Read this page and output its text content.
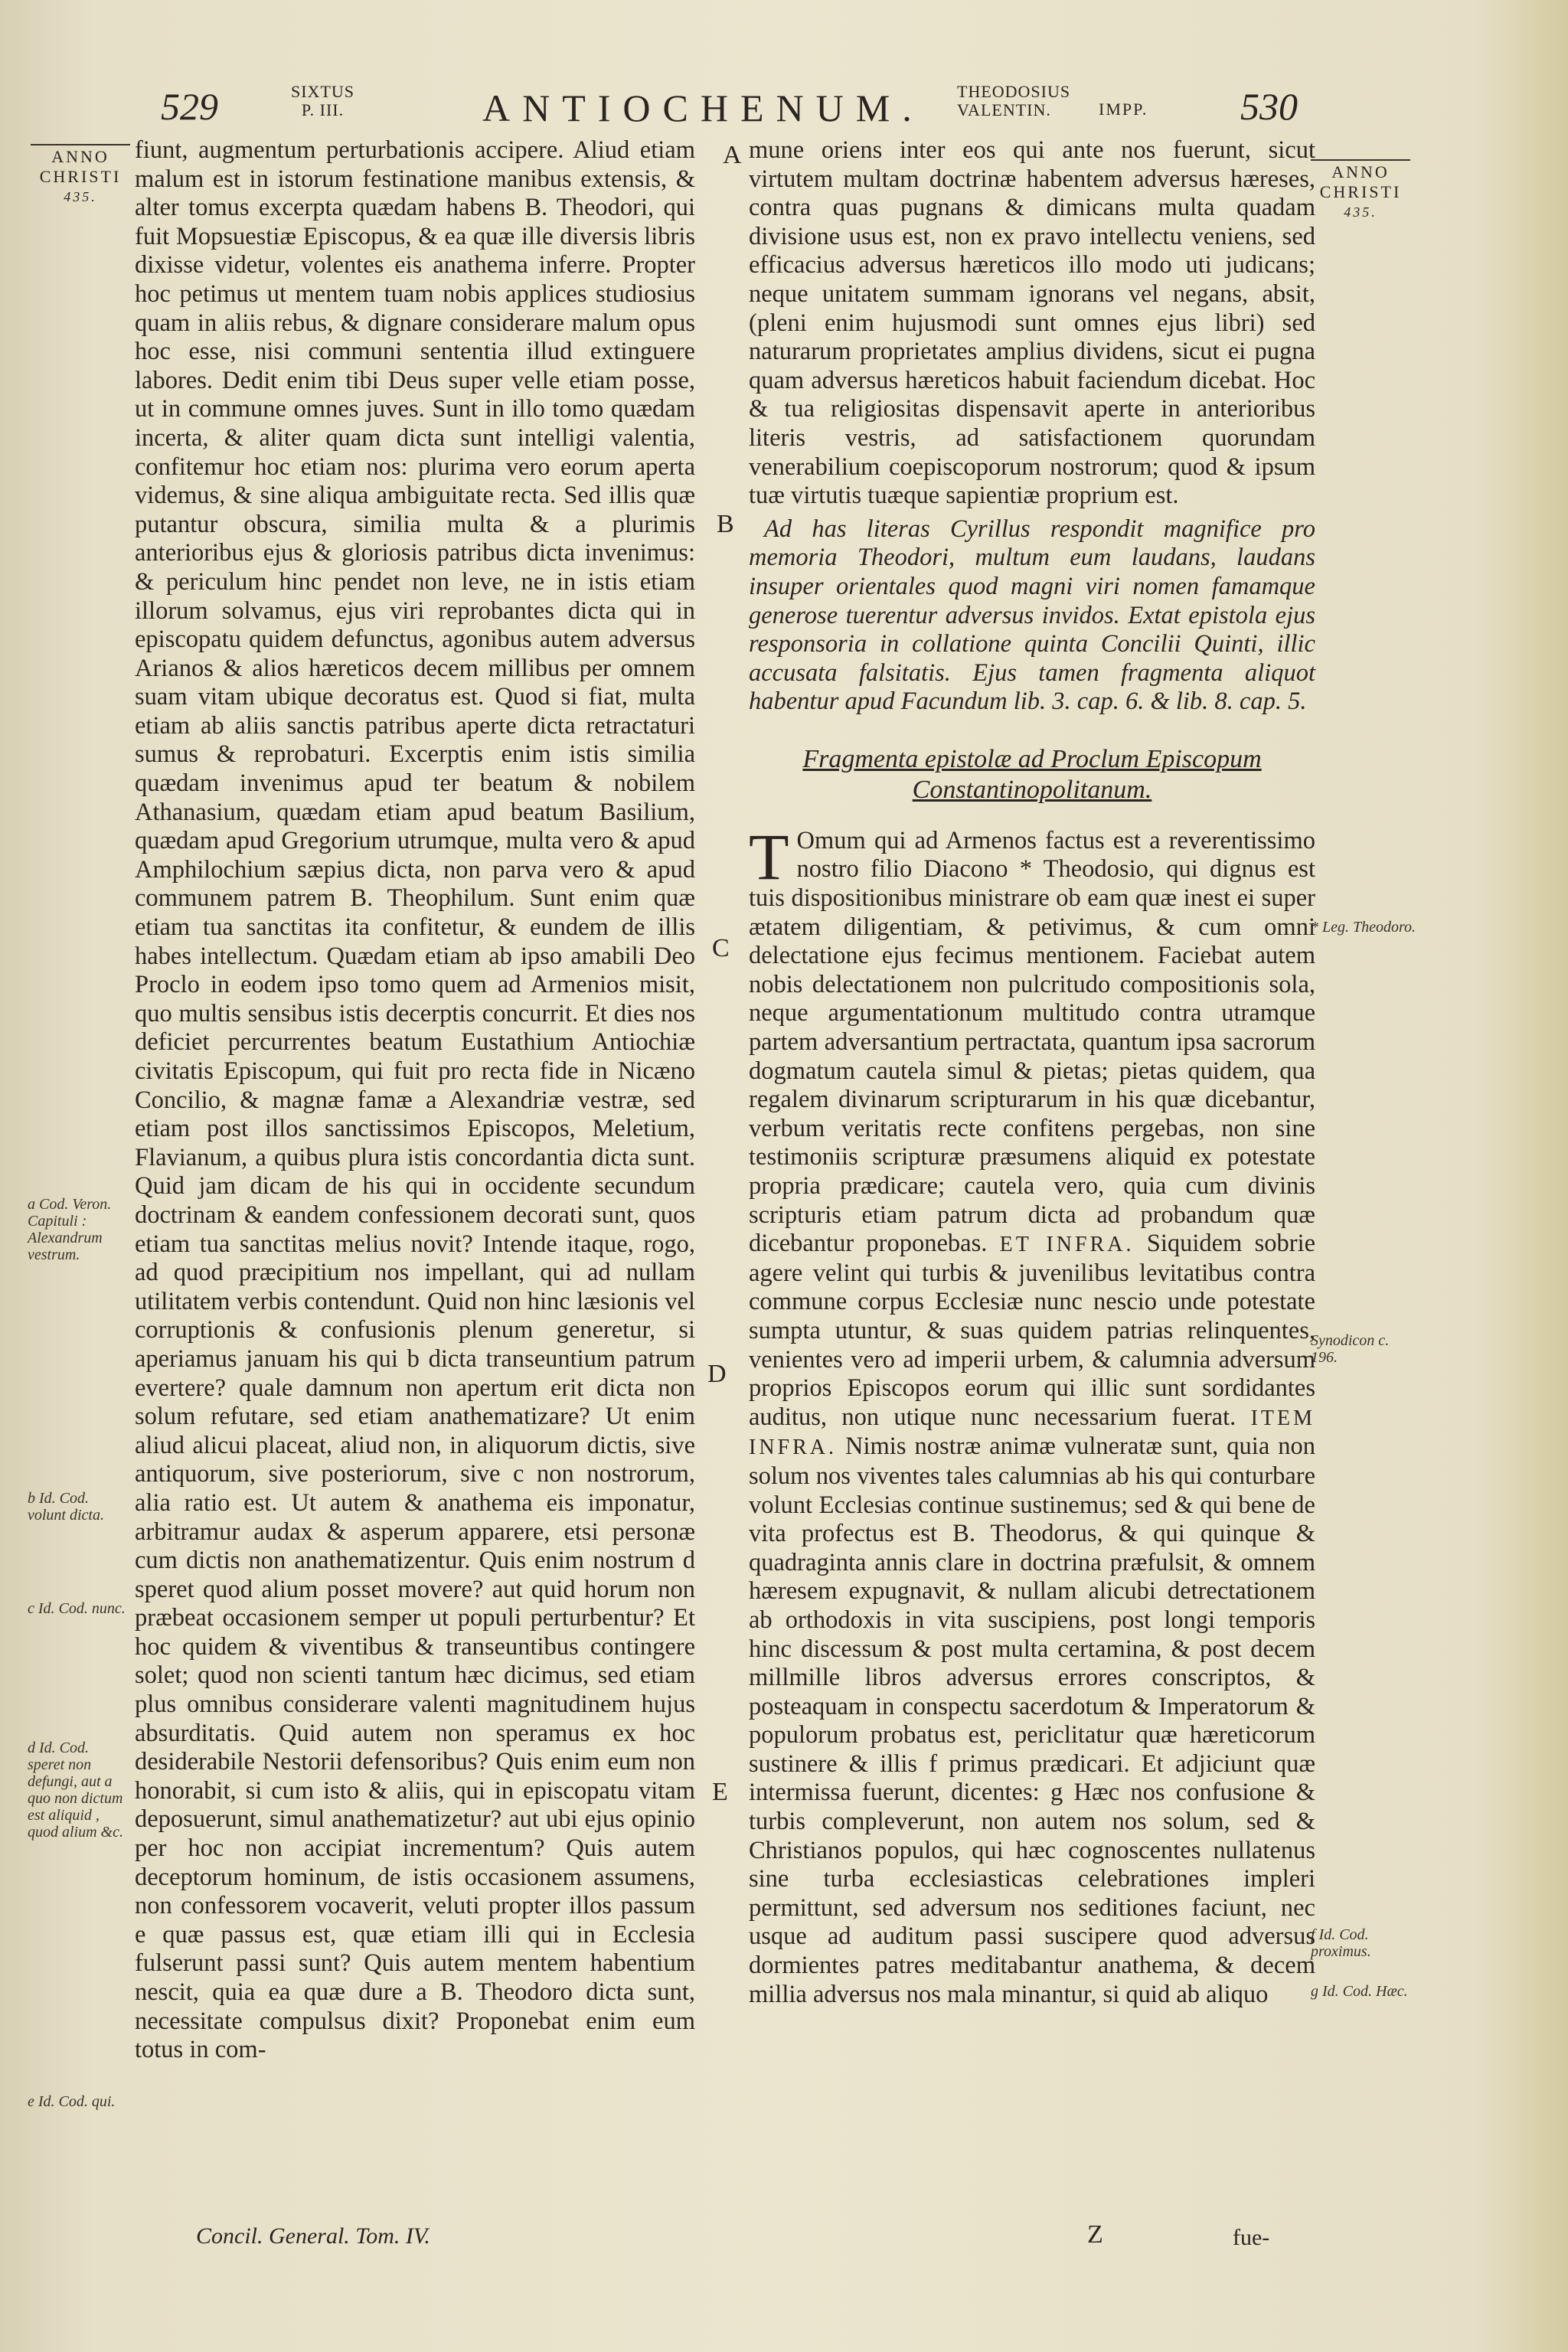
529	SIXTUS
P. III.	ANTIOCHENUM. THEODOSIUS
VALENTIN.	IMPP. 530
ANNO
CHRISTI
435.
ANNO
CHRISTI
435.
a Cod. Veron. Capituli : Alexandrum vestrum.
b Id. Cod. volunt dicta.
c Id. Cod. nunc.
d Id. Cod. speret non defungi, aut a quo non dictum est aliquid , quod alium &c.
e Id. Cod. qui.
* Leg. Theodoro.
Synodicon c. 196.
f Id. Cod. proximus.
g Id. Cod. Hæc.
A
B
C
D
E

fiunt, augmentum perturbationis accipere. Aliud etiam malum est in istorum festinatione manibus extensis, & alter tomus excerpta quædam habens B. Theodori, qui fuit Mopsuestiæ Episcopus, & ea quæ ille diversis libris dixisse videtur, volentes eis anathema inferre. Propter hoc petimus ut mentem tuam nobis applices studiosius quam in aliis rebus, & dignare considerare malum opus hoc esse, nisi communi sententia illud extinguere labores. Dedit enim tibi Deus super velle etiam posse, ut in commune omnes juves. Sunt in illo tomo quædam incerta, & aliter quam dicta sunt intelligi valentia, confitemur hoc etiam nos: plurima vero eorum aperta videmus, & sine aliqua ambiguitate recta. Sed illis quæ putantur obscura, similia multa & a plurimis anterioribus ejus & gloriosis patribus dicta invenimus: & periculum hinc pendet non leve, ne in istis etiam illorum solvamus, ejus viri reprobantes dicta qui in episcopatu quidem defunctus, agonibus autem adversus Arianos & alios hæreticos decem millibus per omnem suam vitam ubique decoratus est. Quod si fiat, multa etiam ab aliis sanctis patribus aperte dicta retractaturi sumus & reprobaturi. Excerptis enim istis similia quædam invenimus apud ter beatum & nobilem Athanasium, quædam etiam apud beatum Basilium, quædam apud Gregorium utrumque, multa vero & apud Amphilochium sæpius dicta, non parva vero & apud communem patrem B. Theophilum. Sunt enim quæ etiam tua sanctitas ita confitetur, & eundem de illis habes intellectum. Quædam etiam ab ipso amabili Deo Proclo in eodem ipso tomo quem ad Armenios misit, quo multis sensibus istis decerptis concurrit. Et dies nos deficiet percurrentes beatum Eustathium Antiochiæ civitatis Episcopum, qui fuit pro recta fide in Nicæno Concilio, & magnæ famæ a Alexandriæ vestræ, sed etiam post illos sanctissimos Episcopos, Meletium, Flavianum, a quibus plura istis concordantia dicta sunt. Quid jam dicam de his qui in occidente secundum doctrinam & eandem confessionem decorati sunt, quos etiam tua sanctitas melius novit? Intende itaque, rogo, ad quod præcipitium nos impellant, qui ad nullam utilitatem verbis contendunt. Quid non hinc læsionis vel corruptionis & confusionis plenum generetur, si aperiamus januam his qui b dicta transeuntium patrum evertere? quale damnum non apertum erit dicta non solum refutare, sed etiam anathematizare? Ut enim aliud alicui placeat, aliud non, in aliquorum dictis, sive antiquorum, sive posteriorum, sive c non nostrorum, alia ratio est. Ut autem & anathema eis imponatur, arbitramur audax & asperum apparere, etsi personæ cum dictis non anathematizentur. Quis enim nostrum d speret quod alium posset movere? aut quid horum non præbeat occasionem semper ut populi perturbentur? Et hoc quidem & viventibus & transeuntibus contingere solet; quod non scienti tantum hæc dicimus, sed etiam plus omnibus considerare valenti magnitudinem hujus absurditatis. Quid autem non speramus ex hoc desiderabile Nestorii defensoribus? Quis enim eum non honorabit, si cum isto & aliis, qui in episcopatu vitam deposuerunt, simul anathematizetur? aut ubi ejus opinio per hoc non accipiat incrementum? Quis autem deceptorum hominum, de istis occasionem assumens, non confessorem vocaverit, veluti propter illos passum e quæ passus est, quæ etiam illi qui in Ecclesia fulserunt passi sunt? Quis autem mentem habentium nescit, quia ea quæ dure a B. Theodoro dicta sunt, necessitate compulsus dixit? Proponebat enim eum totus in com-

mune oriens inter eos qui ante nos fuerunt, sicut virtutem multam doctrinæ habentem adversus hæreses, contra quas pugnans & dimicans multa quadam divisione usus est, non ex pravo intellectu veniens, sed efficacius adversus hæreticos illo modo uti judicans; neque unitatem summam ignorans vel negans, absit, (pleni enim hujusmodi sunt omnes ejus libri) sed naturarum proprietates amplius dividens, sicut ei pugna quam adversus hæreticos habuit faciendum dicebat. Hoc & tua religiositas dispensavit aperte in anterioribus literis vestris, ad satisfactionem quorundam venerabilium coepiscoporum nostrorum; quod & ipsum tuæ virtutis tuæque sapientiæ proprium est.

Ad has literas Cyrillus respondit magnifice pro memoria Theodori, multum eum laudans, laudans insuper orientales quod magni viri nomen famamque generose tuerentur adversus invidos. Extat epistola ejus responsoria in collatione quinta Concilii Quinti, illic accusata falsitatis. Ejus tamen fragmenta aliquot habentur apud Facundum lib. 3. cap. 6. & lib. 8. cap. 5.

Fragmenta epistolæ ad Proclum Episcopum
Constantinopolitanum.

T Omum qui ad Armenos factus est a reverentissimo nostro filio Diacono * Theodosio, qui dignus est tuis dispositionibus ministrare ob eam quæ inest ei super ætatem diligentiam, & petivimus, & cum omni delectatione ejus fecimus mentionem. Faciebat autem nobis delectationem non pulcritudo compositionis sola, neque argumentationum multitudo contra utramque partem adversantium pertractata, quantum ipsa sacrorum dogmatum cautela simul & pietas; pietas quidem, qua regalem divinarum scripturarum in his quæ dicebantur, verbum veritatis recte confitens pergebas, non sine testimoniis scripturæ præsumens aliquid ex potestate propria prædicare; cautela vero, quia cum divinis scripturis etiam patrum dicta ad probandum quæ dicebantur proponebas. ET INFRA. Siquidem sobrie agere velint qui turbis & juvenilibus levitatibus contra commune corpus Ecclesiæ nunc nescio unde potestate sumpta utuntur, & suas quidem patrias relinquentes, venientes vero ad imperii urbem, & calumnia adversum proprios Episcopos eorum qui illic sunt sordidantes auditus, non utique nunc necessarium fuerat. ITEM INFRA. Nimis nostræ animæ vulneratæ sunt, quia non solum nos viventes tales calumnias ab his qui conturbare volunt Ecclesias continue sustinemus; sed & qui bene de vita profectus est B. Theodorus, & qui quinque & quadraginta annis clare in doctrina præfulsit, & omnem hæresem expugnavit, & nullam alicubi detrectationem ab orthodoxis in vita suscipiens, post longi temporis hinc discessum & post multa certamina, & post decem millmille libros adversus errores conscriptos, & posteaquam in conspectu sacerdotum & Imperatorum & populorum probatus est, periclitatur quæ hæreticorum sustinere & illis f primus prædicari. Et adjiciunt quæ intermissa fuerunt, dicentes: g Hæc nos confusione & turbis compleverunt, non autem nos solum, sed & Christianos populos, qui hæc cognoscentes nullatenus sine turba ecclesiasticas celebrationes impleri permittunt, sed adversum nos seditiones faciunt, nec usque ad auditum passi suscipere quod adversus dormientes patres meditabantur anathema, & decem millia adversus nos mala minantur, si quid ab aliquo

Concil. General. Tom. IV.	Z	fue-
